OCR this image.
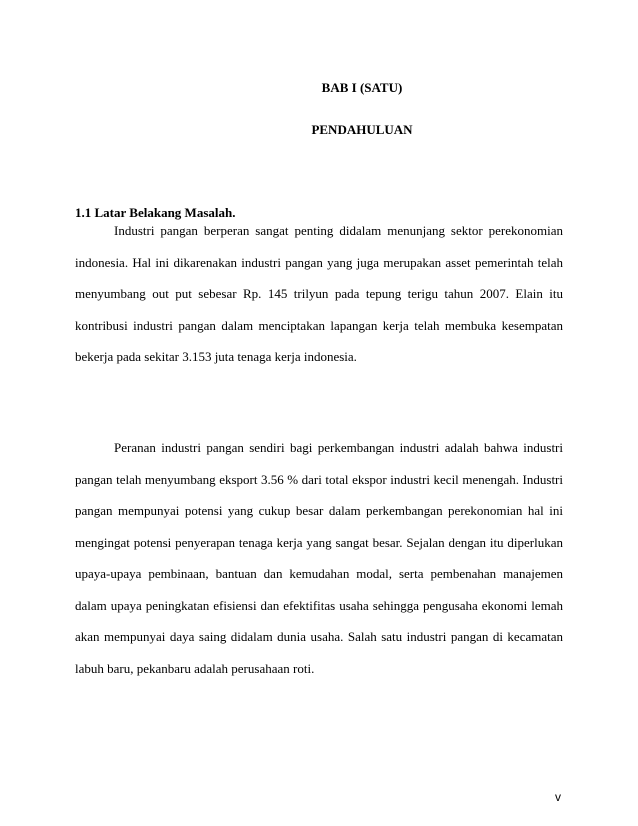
BAB I (SATU)
PENDAHULUAN
1.1 Latar Belakang Masalah.

Industri pangan berperan sangat penting didalam menunjang sektor perekonomian indonesia. Hal ini dikarenakan industri pangan yang juga merupakan asset pemerintah telah menyumbang out put sebesar Rp. 145 trilyun pada tepung terigu tahun 2007. Elain itu kontribusi industri pangan dalam menciptakan lapangan kerja telah membuka kesempatan bekerja pada sekitar 3.153 juta tenaga kerja indonesia.

Peranan industri pangan sendiri bagi perkembangan industri adalah bahwa industri pangan telah menyumbang eksport 3.56 % dari total ekspor industri kecil menengah. Industri pangan mempunyai potensi yang cukup besar dalam perkembangan perekonomian hal ini mengingat potensi penyerapan tenaga kerja yang sangat besar. Sejalan dengan itu diperlukan upaya-upaya pembinaan, bantuan dan kemudahan modal, serta pembenahan manajemen dalam upaya peningkatan efisiensi dan efektifitas usaha sehingga pengusaha ekonomi lemah akan mempunyai daya saing didalam dunia usaha. Salah satu industri pangan di kecamatan labuh baru, pekanbaru adalah perusahaan roti.

v
